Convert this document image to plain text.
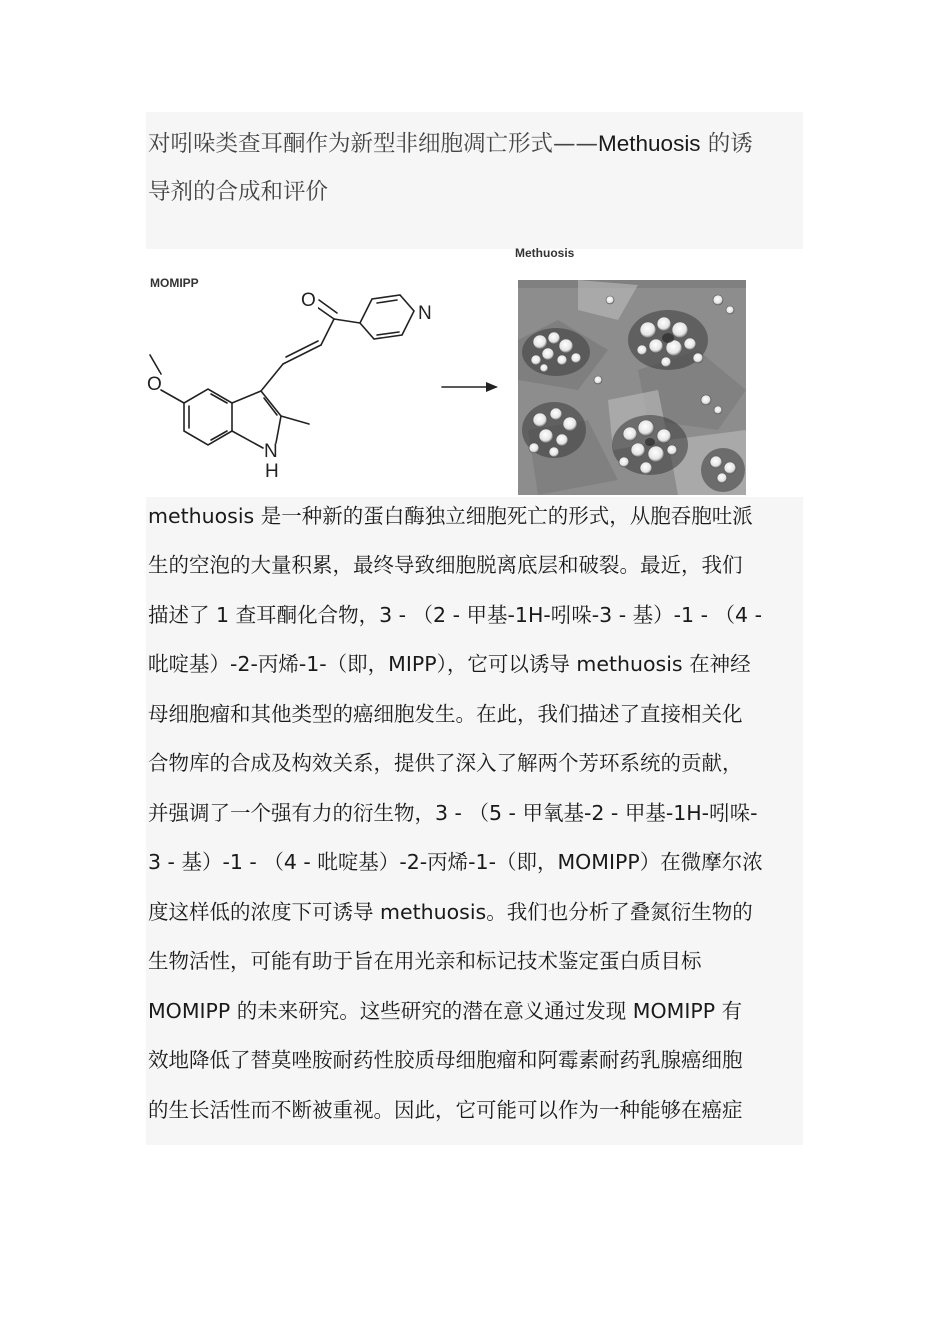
对吲哚类查耳酮作为新型非细胞凋亡形式——Methuosis 的诱
导剂的合成和评价
MOMIPP
O
O
N
N
H
Methuosis
methuosis 是一种新的蛋白酶独立细胞死亡的形式，从胞吞胞吐派
生的空泡的大量积累，最终导致细胞脱离底层和破裂。最近，我们
描述了 1 查耳酮化合物，3 - （2 - 甲基-1H-吲哚-3 - 基）-1 - （4 -
吡啶基）-2-丙烯-1-（即，MIPP），它可以诱导 methuosis 在神经
母细胞瘤和其他类型的癌细胞发生。在此，我们描述了直接相关化
合物库的合成及构效关系，提供了深入了解两个芳环系统的贡献，
并强调了一个强有力的衍生物，3 - （5 - 甲氧基-2 - 甲基-1H-吲哚-
3 - 基）-1 - （4 - 吡啶基）-2-丙烯-1-（即，MOMIPP）在微摩尔浓
度这样低的浓度下可诱导 methuosis。我们也分析了叠氮衍生物的
生物活性，可能有助于旨在用光亲和标记技术鉴定蛋白质目标
MOMIPP 的未来研究。这些研究的潜在意义通过发现 MOMIPP 有
效地降低了替莫唑胺耐药性胶质母细胞瘤和阿霉素耐药乳腺癌细胞
的生长活性而不断被重视。因此，它可能可以作为一种能够在癌症
